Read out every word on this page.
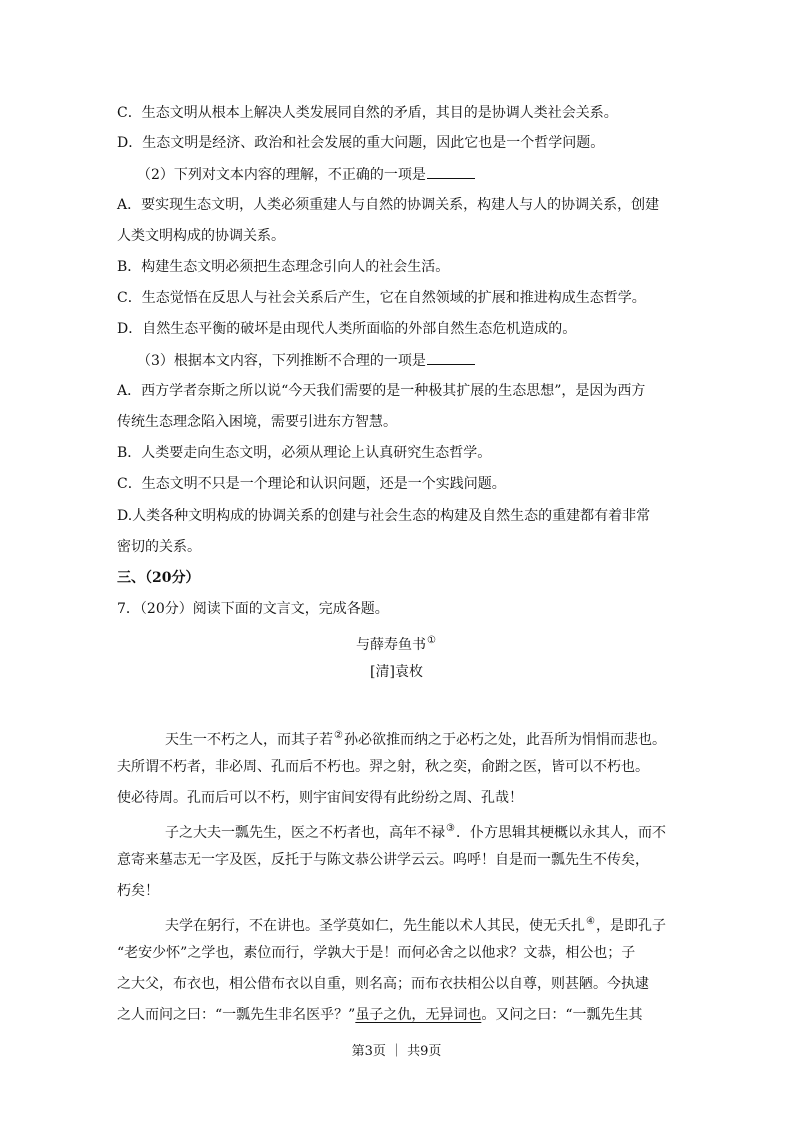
C．生态文明从根本上解决人类发展同自然的矛盾，其目的是协调人类社会关系。
D．生态文明是经济、政治和社会发展的重大问题，因此它也是一个哲学问题。
（2）下列对文本内容的理解，不正确的一项是
A．要实现生态文明，人类必须重建人与自然的协调关系，构建人与人的协调关系，创建
人类文明构成的协调关系。
B．构建生态文明必须把生态理念引向人的社会生活。
C．生态觉悟在反思人与社会关系后产生，它在自然领域的扩展和推进构成生态哲学。
D．自然生态平衡的破坏是由现代人类所面临的外部自然生态危机造成的。
（3）根据本文内容，下列推断不合理的一项是
A．西方学者奈斯之所以说“今天我们需要的是一种极其扩展的生态思想”，是因为西方
传统生态理念陷入困境，需要引进东方智慧。
B．人类要走向生态文明，必须从理论上认真研究生态哲学。
C．生态文明不只是一个理论和认识问题，还是一个实践问题。
D.人类各种文明构成的协调关系的创建与社会生态的构建及自然生态的重建都有着非常
密切的关系。
三、（20分）
7．（20分）阅读下面的文言文，完成各题。
与薛寿鱼书①
[清]袁枚
天生一不朽之人，而其子若②孙必欲推而纳之于必朽之处，此吾所为悁悁而悲也。
夫所谓不朽者，非必周、孔而后不朽也。羿之射，秋之奕，俞跗之医，皆可以不朽也。
使必待周。孔而后可以不朽，则宇宙间安得有此纷纷之周、孔哉！
子之大夫一瓢先生，医之不朽者也，高年不禄③．仆方思辑其梗概以永其人，而不
意寄来墓志无一字及医，反托于与陈文恭公讲学云云。呜呼！自是而一瓢先生不传矣，
朽矣！
夫学在躬行，不在讲也。圣学莫如仁，先生能以术人其民，使无夭扎④，是即孔子
“老安少怀”之学也，素位而行，学孰大于是！而何必舍之以他求？文恭，相公也；子
之大父，布衣也，相公借布衣以自重，则名高；而布衣扶相公以自尊，则甚陋。今执逮
之人而问之曰：“一瓢先生非名医乎？”虽子之仇，无异词也。又问之曰：“一瓢先生其
第3页 ｜ 共9页
